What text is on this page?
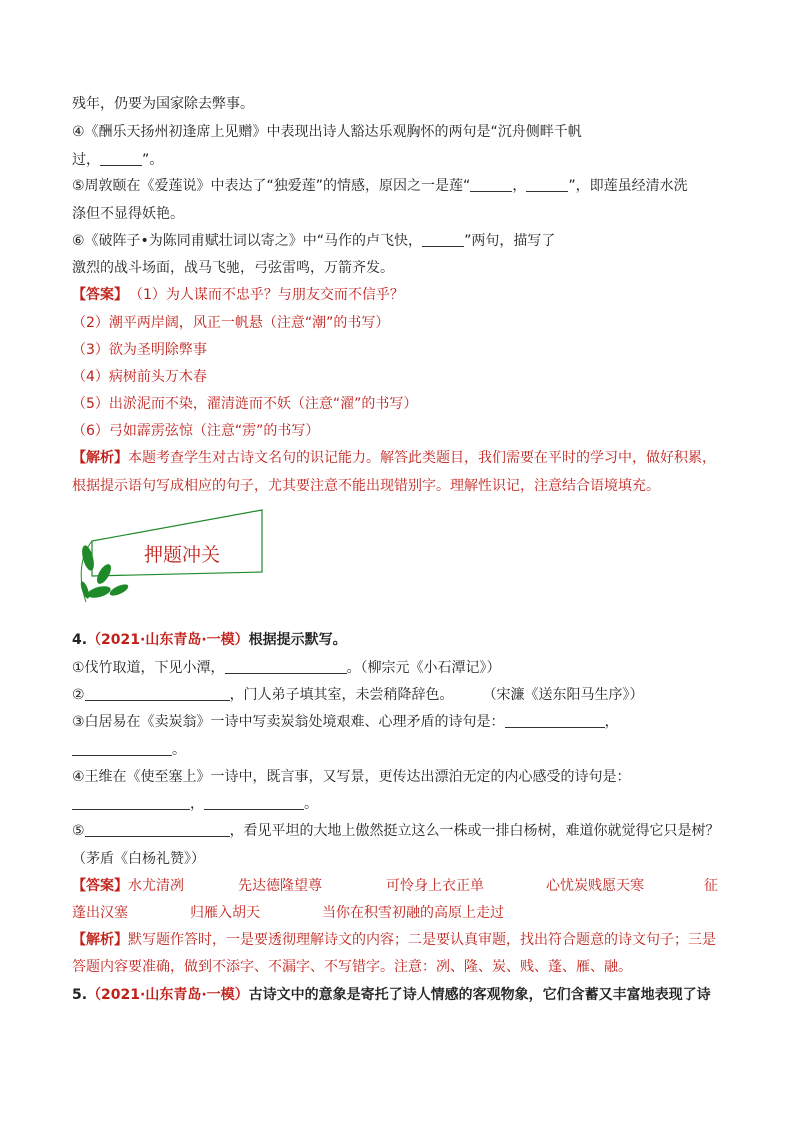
残年，仍要为国家除去弊事。
④《酬乐天扬州初逢席上见赠》中表现出诗人豁达乐观胸怀的两句是“沉舟侧畔千帆
过，	”。
⑤周敦颐在《爱莲说》中表达了“独爱莲”的情感，原因之一是莲“	，	”，即莲虽经清水洗
涤但不显得妖艳。
⑥《破阵子•为陈同甫赋壮词以寄之》中“马作的卢飞快，	”两句，描写了
激烈的战斗场面，战马飞驰，弓弦雷鸣，万箭齐发。
【答案】 （1）为人谋而不忠乎？与朋友交而不信乎？
（2）潮平两岸阔，风正一帆悬（注意“潮”的书写）
（3）欲为圣明除弊事
（4）病树前头万木春
（5）出淤泥而不染，濯清涟而不妖（注意“濯”的书写）
（6）弓如霹雳弦惊（注意“雳”的书写）
【解析】本题考查学生对古诗文名句的识记能力。解答此类题目，我们需要在平时的学习中，做好积累，
根据提示语句写成相应的句子，尤其要注意不能出现错别字。理解性识记，注意结合语境填充。
押题冲关
4.（2021·山东青岛·一模）根据提示默写。
①伐竹取道，下见小潭，	。（柳宗元《小石潭记》）
②	，门人弟子填其室，未尝稍降辞色。	（宋濂《送东阳马生序》）
③白居易在《卖炭翁》一诗中写卖炭翁处境艰难、心理矛盾的诗句是：	，
。
④王维在《使至塞上》一诗中，既言事，又写景，更传达出漂泊无定的内心感受的诗句是：
，	。
⑤	，看见平坦的大地上傲然挺立这么一株或一排白杨树，难道你就觉得它只是树？
（茅盾《白杨礼赞》）
【答案】水尤清冽	先达德隆望尊	可怜身上衣正单	心忧炭贱愿天寒	征
蓬出汉塞	归雁入胡天	当你在积雪初融的高原上走过
【解析】默写题作答时，一是要透彻理解诗文的内容；二是要认真审题，找出符合题意的诗文句子；三是
答题内容要准确，做到不添字、不漏字、不写错字。注意：冽、隆、炭、贱、蓬、雁、融。
5.（2021·山东青岛·一模）古诗文中的意象是寄托了诗人情感的客观物象，它们含蓄又丰富地表现了诗
